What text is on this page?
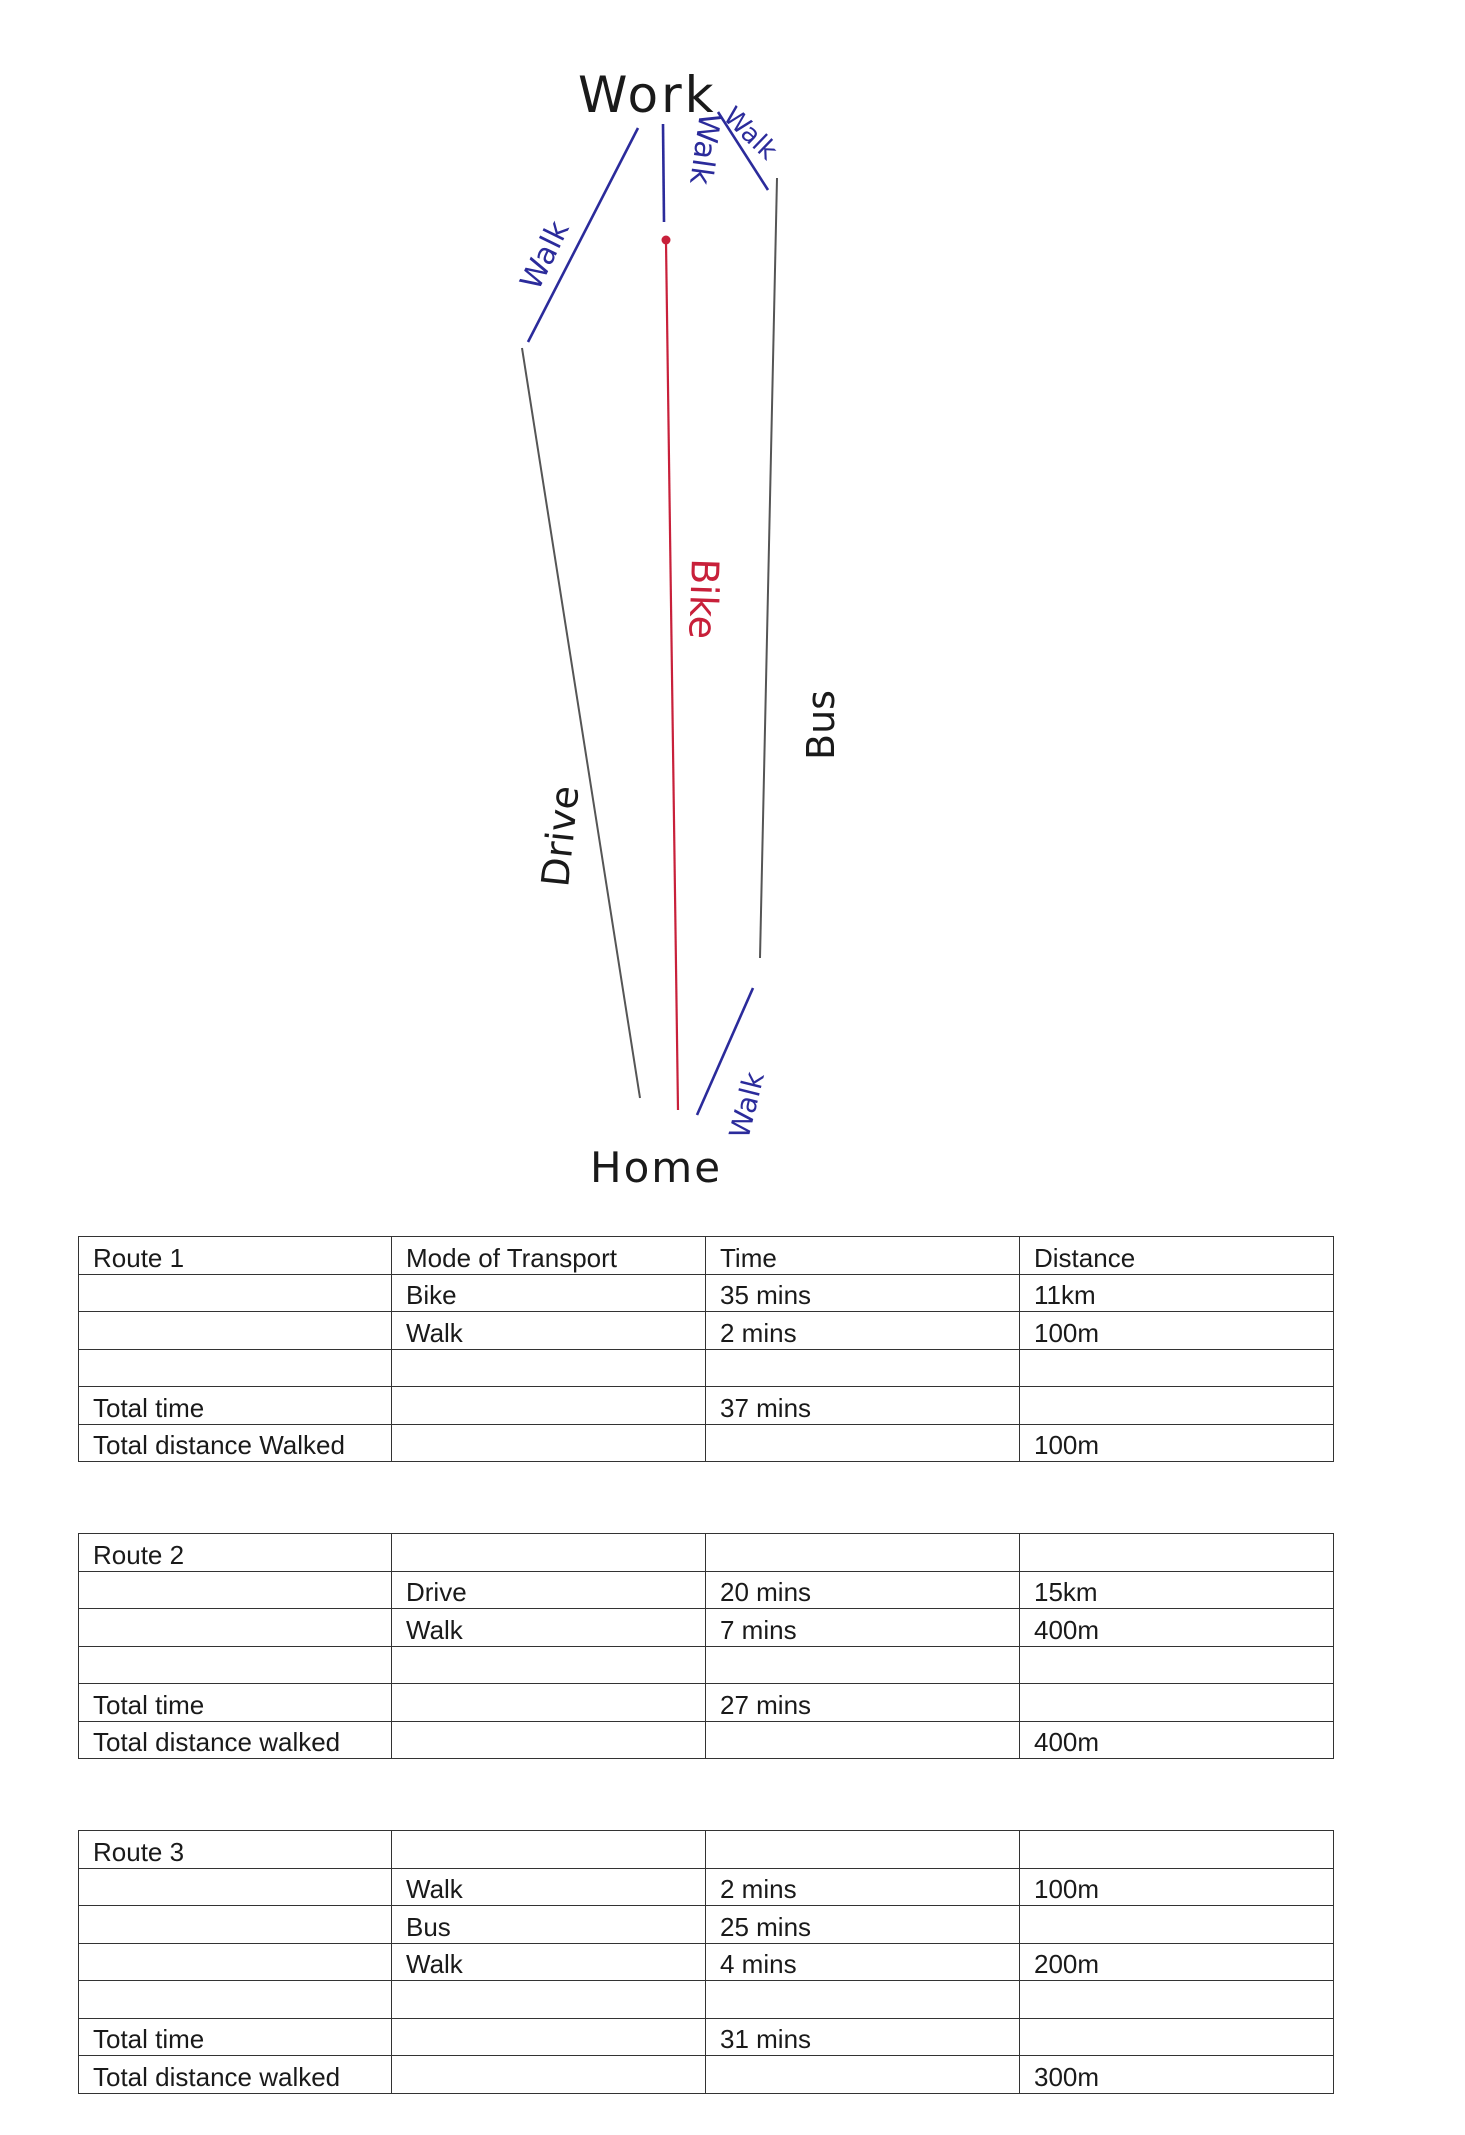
Work
Home
Walk
Walk
Walk
Walk
Bike
Bus
Drive
Route 1	Mode of Transport	Time	Distance
	Bike	35 mins	11km
	Walk	2 mins	100m

Total time		37 mins	
Total distance Walked			100m
Route 2			
	Drive	20 mins	15km
	Walk	7 mins	400m

Total time		27 mins	
Total distance walked			400m
Route 3			
	Walk	2 mins	100m
	Bus	25 mins	
	Walk	4 mins	200m

Total time		31 mins	
Total distance walked			300m
